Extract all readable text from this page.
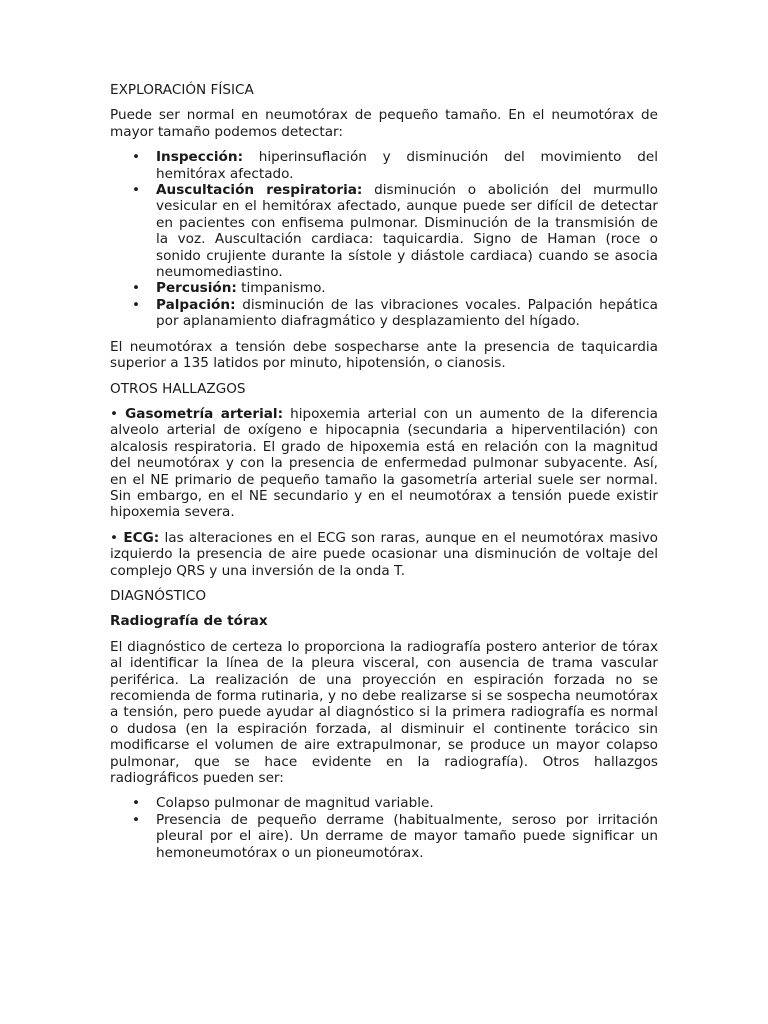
EXPLORACIÓN FÍSICA

Puede ser normal en neumotórax de pequeño tamaño. En el neumotórax de mayor tamaño podemos detectar:

• Inspección: hiperinsuflación y disminución del movimiento del hemitórax afectado.
• Auscultación respiratoria: disminución o abolición del murmullo vesicular en el hemitórax afectado, aunque puede ser difícil de detectar en pacientes con enfisema pulmonar. Disminución de la transmisión de la voz. Auscultación cardiaca: taquicardia. Signo de Haman (roce o sonido crujiente durante la sístole y diástole cardiaca) cuando se asocia neumomediastino.
• Percusión: timpanismo.
• Palpación: disminución de las vibraciones vocales. Palpación hepática por aplanamiento diafragmático y desplazamiento del hígado.

El neumotórax a tensión debe sospecharse ante la presencia de taquicardia superior a 135 latidos por minuto, hipotensión, o cianosis.

OTROS HALLAZGOS

• Gasometría arterial: hipoxemia arterial con un aumento de la diferencia alveolo arterial de oxígeno e hipocapnia (secundaria a hiperventilación) con alcalosis respiratoria. El grado de hipoxemia está en relación con la magnitud del neumotórax y con la presencia de enfermedad pulmonar subyacente. Así, en el NE primario de pequeño tamaño la gasometría arterial suele ser normal. Sin embargo, en el NE secundario y en el neumotórax a tensión puede existir hipoxemia severa.

• ECG: las alteraciones en el ECG son raras, aunque en el neumotórax masivo izquierdo la presencia de aire puede ocasionar una disminución de voltaje del complejo QRS y una inversión de la onda T.

DIAGNÓSTICO
Radiografía de tórax

El diagnóstico de certeza lo proporciona la radiografía postero anterior de tórax al identificar la línea de la pleura visceral, con ausencia de trama vascular periférica. La realización de una proyección en espiración forzada no se recomienda de forma rutinaria, y no debe realizarse si se sospecha neumotórax a tensión, pero puede ayudar al diagnóstico si la primera radiografía es normal o dudosa (en la espiración forzada, al disminuir el continente torácico sin modificarse el volumen de aire extrapulmonar, se produce un mayor colapso pulmonar, que se hace evidente en la radiografía). Otros hallazgos radiográficos pueden ser:

• Colapso pulmonar de magnitud variable.
• Presencia de pequeño derrame (habitualmente, seroso por irritación pleural por el aire). Un derrame de mayor tamaño puede significar un hemoneumotórax o un pioneumotórax.
